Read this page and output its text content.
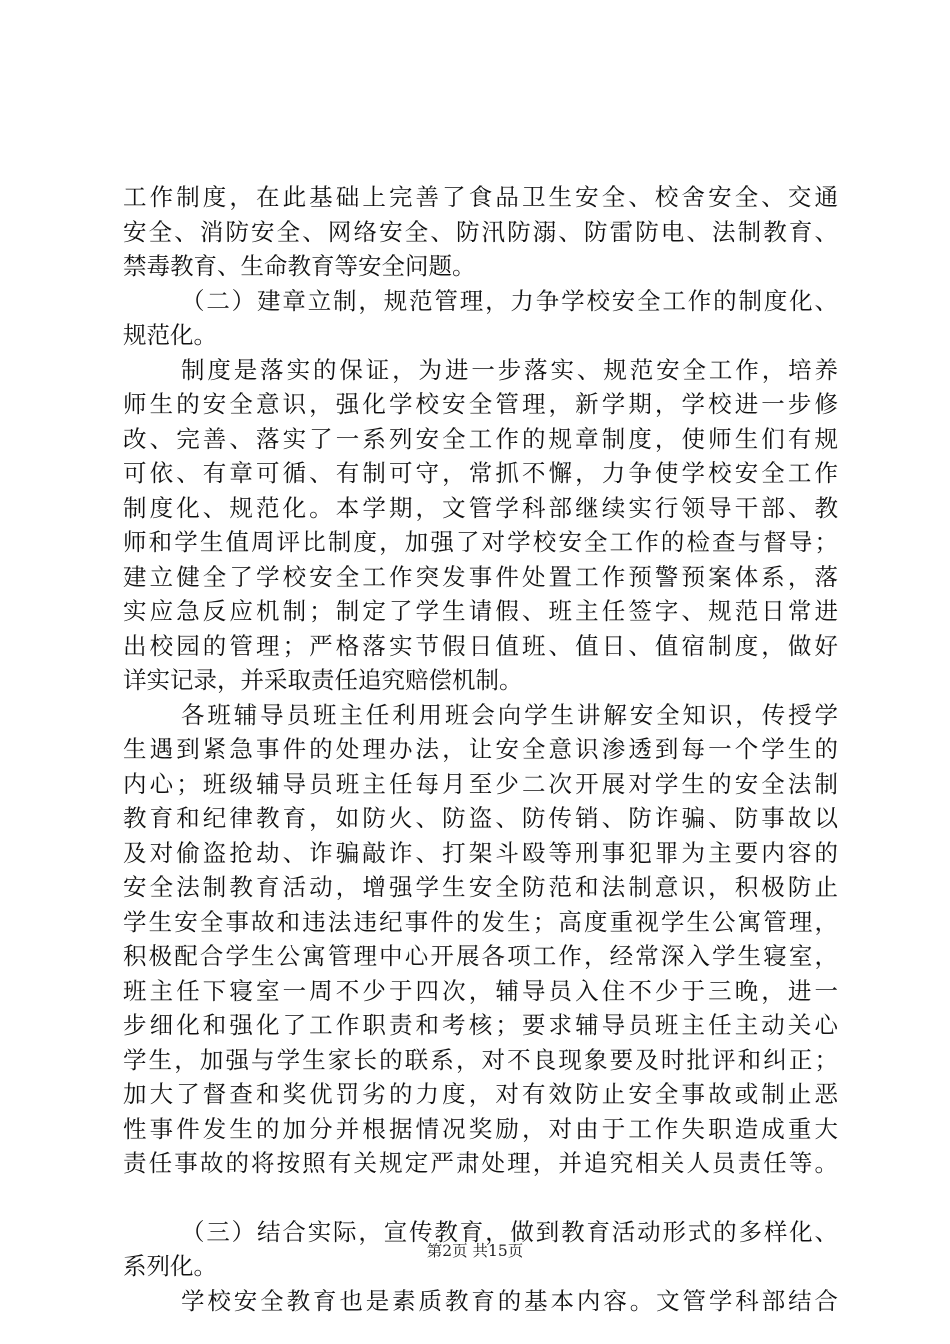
工作制度，在此基础上完善了食品卫生安全、校舍安全、交通
安全、消防安全、网络安全、防汛防溺、防雷防电、法制教育、
禁毒教育、生命教育等安全问题。
（二）建章立制，规范管理，力争学校安全工作的制度化、
规范化。
制度是落实的保证，为进一步落实、规范安全工作，培养
师生的安全意识，强化学校安全管理，新学期，学校进一步修
改、完善、落实了一系列安全工作的规章制度，使师生们有规
可依、有章可循、有制可守，常抓不懈，力争使学校安全工作
制度化、规范化。本学期，文管学科部继续实行领导干部、教
师和学生值周评比制度，加强了对学校安全工作的检查与督导；
建立健全了学校安全工作突发事件处置工作预警预案体系，落
实应急反应机制；制定了学生请假、班主任签字、规范日常进
出校园的管理；严格落实节假日值班、值日、值宿制度，做好
详实记录，并采取责任追究赔偿机制。
各班辅导员班主任利用班会向学生讲解安全知识，传授学
生遇到紧急事件的处理办法，让安全意识渗透到每一个学生的
内心；班级辅导员班主任每月至少二次开展对学生的安全法制
教育和纪律教育，如防火、防盗、防传销、防诈骗、防事故以
及对偷盗抢劫、诈骗敲诈、打架斗殴等刑事犯罪为主要内容的
安全法制教育活动，增强学生安全防范和法制意识，积极防止
学生安全事故和违法违纪事件的发生；高度重视学生公寓管理，
积极配合学生公寓管理中心开展各项工作，经常深入学生寝室，
班主任下寝室一周不少于四次，辅导员入住不少于三晚，进一
步细化和强化了工作职责和考核；要求辅导员班主任主动关心
学生，加强与学生家长的联系，对不良现象要及时批评和纠正；
加大了督查和奖优罚劣的力度，对有效防止安全事故或制止恶
性事件发生的加分并根据情况奖励，对由于工作失职造成重大
责任事故的将按照有关规定严肃处理，并追究相关人员责任等。
（三）结合实际，宣传教育，做到教育活动形式的多样化、
系列化。
学校安全教育也是素质教育的基本内容。文管学科部结合
第2页 共15页
